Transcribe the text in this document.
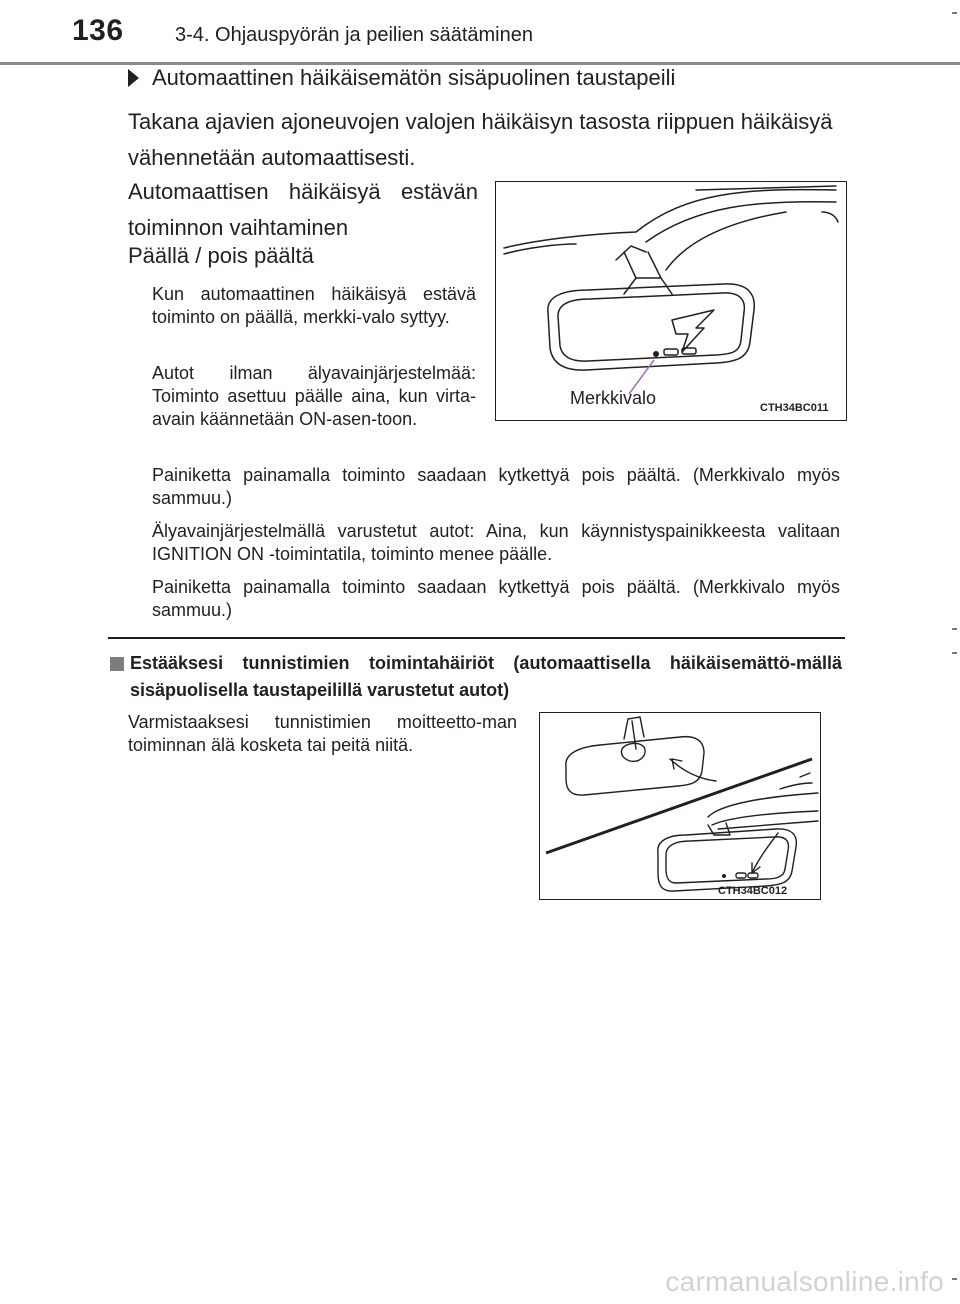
136	3-4. Ohjauspyörän ja peilien säätäminen
Automaattinen häikäisemätön sisäpuolinen taustapeili
Takana ajavien ajoneuvojen valojen häikäisyn tasosta riippuen häikäisyä vähennetään automaattisesti.
Automaattisen häikäisyä estävän toiminnon vaihtaminen
Päällä / pois päältä
Kun automaattinen häikäisyä estävä toiminto on päällä, merkki-valo syttyy.
Autot ilman älyavainjärjestelmää: Toiminto asettuu päälle aina, kun virta-avain käännetään ON-asen-toon.
Painiketta painamalla toiminto saadaan kytkettyä pois päältä. (Merkkivalo myös sammuu.)
Älyavainjärjestelmällä varustetut autot: Aina, kun käynnistyspainikkeesta valitaan IGNITION ON -toimintatila, toiminto menee päälle.
Painiketta painamalla toiminto saadaan kytkettyä pois päältä. (Merkkivalo myös sammuu.)
Merkkivalo	CTH34BC011
Estääksesi tunnistimien toimintahäiriöt (automaattisella häikäisemättö-mällä sisäpuolisella taustapeilillä varustetut autot)
Varmistaaksesi tunnistimien moitteetto-man toiminnan älä kosketa tai peitä niitä.
CTH34BC012
carmanualsonline.info
